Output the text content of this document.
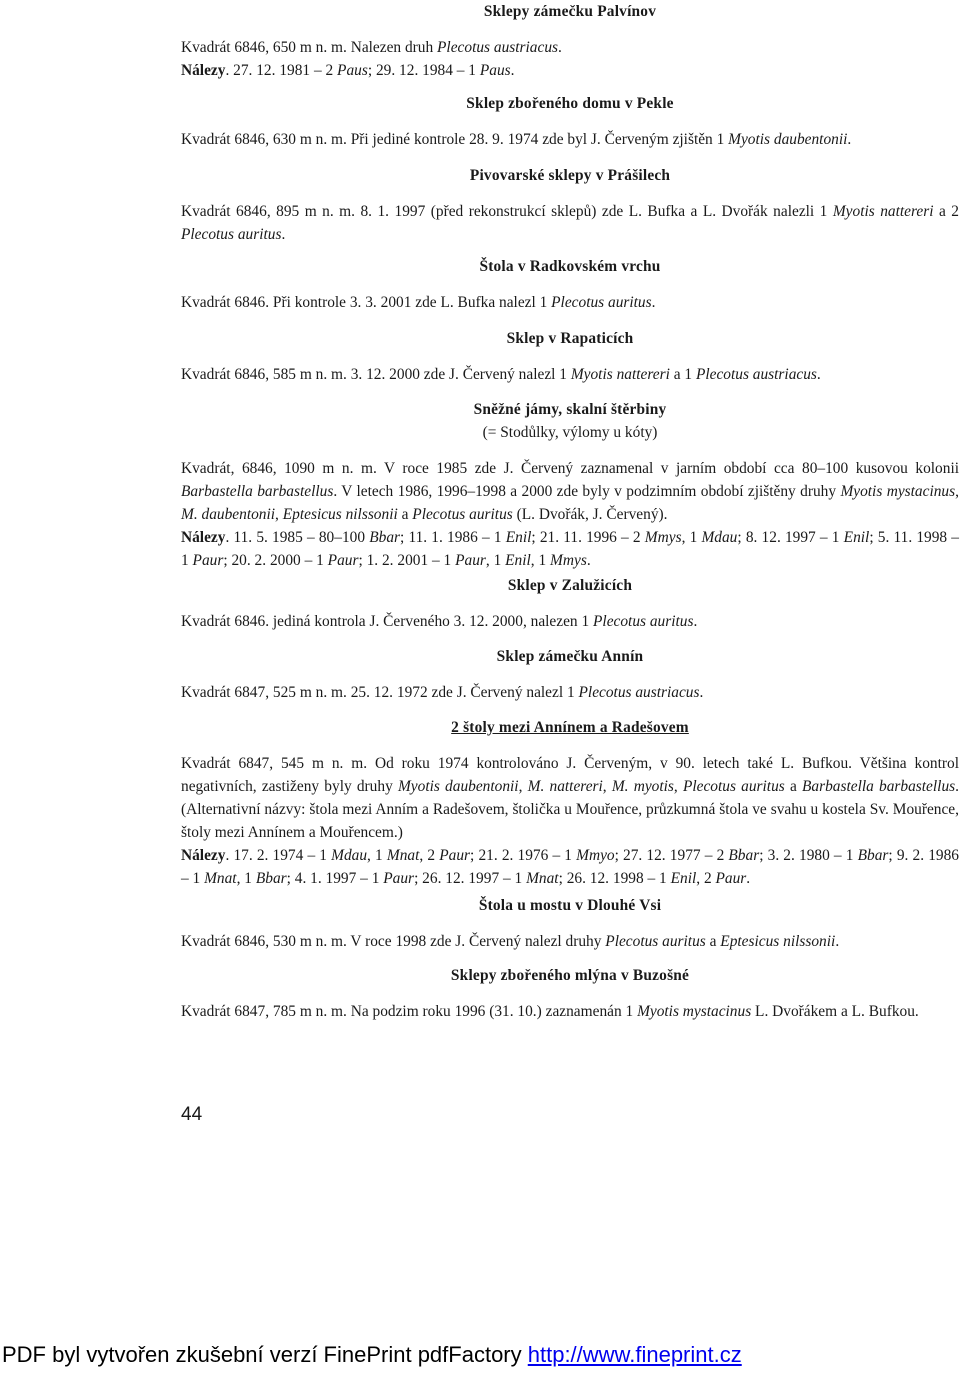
Sklepy zámečku Palvínov

Kvadrát 6846, 650 m n. m. Nalezen druh Plecotus austriacus.

Nálezy. 27. 12. 1981 – 2 Paus; 29. 12. 1984 – 1 Paus.

Sklep zbořeného domu v Pekle

Kvadrát 6846, 630 m n. m. Při jediné kontrole 28. 9. 1974 zde byl J. Červeným zjištěn 1 Myotis daubentonii.

Pivovarské sklepy v Prášilech

Kvadrát 6846, 895 m n. m. 8. 1. 1997 (před rekonstrukcí sklepů) zde L. Bufka a L. Dvořák nalezli 1 Myotis nattereri a 2 Plecotus auritus.

Štola v Radkovském vrchu

Kvadrát 6846. Při kontrole 3. 3. 2001 zde L. Bufka nalezl 1 Plecotus auritus.

Sklep v Rapaticích

Kvadrát 6846, 585 m n. m. 3. 12. 2000 zde J. Červený nalezl 1 Myotis nattereri a 1 Plecotus austriacus.

Sněžné jámy, skalní štěrbiny
(= Stodůlky, výlomy u kóty)

Kvadrát, 6846, 1090 m n. m. V roce 1985 zde J. Červený zaznamenal v jarním období cca 80–100 kusovou kolonii Barbastella barbastellus. V letech 1986, 1996–1998 a 2000 zde byly v podzimním období zjištěny druhy Myotis mystacinus, M. daubentonii, Eptesicus nilssonii a Plecotus auritus (L. Dvořák, J. Červený).

Nálezy. 11. 5. 1985 – 80–100 Bbar; 11. 1. 1986 – 1 Enil; 21. 11. 1996 – 2 Mmys, 1 Mdau; 8. 12. 1997 – 1 Enil; 5. 11. 1998 – 1 Paur; 20. 2. 2000 – 1 Paur; 1. 2. 2001 – 1 Paur, 1 Enil, 1 Mmys.

Sklep v Zalužicích

Kvadrát 6846. jediná kontrola J. Červeného 3. 12. 2000, nalezen 1 Plecotus auritus.

Sklep zámečku Annín

Kvadrát 6847, 525 m n. m. 25. 12. 1972 zde J. Červený nalezl 1 Plecotus austriacus.

2 štoly mezi Annínem a Radešovem

Kvadrát 6847, 545 m n. m. Od roku 1974 kontrolováno J. Červeným, v 90. letech také L. Bufkou. Většina kontrol negativních, zastiženy byly druhy Myotis daubentonii, M. nattereri, M. myotis, Plecotus auritus a Barbastella barbastellus. (Alternativní názvy: štola mezi Anním a Radešovem, štolička u Mouřence, průzkumná štola ve svahu u kostela Sv. Mouřence, štoly mezi Annínem a Mouřencem.)

Nálezy. 17. 2. 1974 – 1 Mdau, 1 Mnat, 2 Paur; 21. 2. 1976 – 1 Mmyo; 27. 12. 1977 – 2 Bbar; 3. 2. 1980 – 1 Bbar; 9. 2. 1986 – 1 Mnat, 1 Bbar; 4. 1. 1997 – 1 Paur; 26. 12. 1997 – 1 Mnat; 26. 12. 1998 – 1 Enil, 2 Paur.

Štola u mostu v Dlouhé Vsi

Kvadrát 6846, 530 m n. m. V roce 1998 zde J. Červený nalezl druhy Plecotus auritus a Eptesicus nilssonii.

Sklepy zbořeného mlýna v Buzošné

Kvadrát 6847, 785 m n. m. Na podzim roku 1996 (31. 10.) zaznamenán 1 Myotis mystacinus L. Dvořákem a L. Bufkou.

44
PDF byl vytvořen zkušební verzí FinePrint pdfFactory http://www.fineprint.cz
